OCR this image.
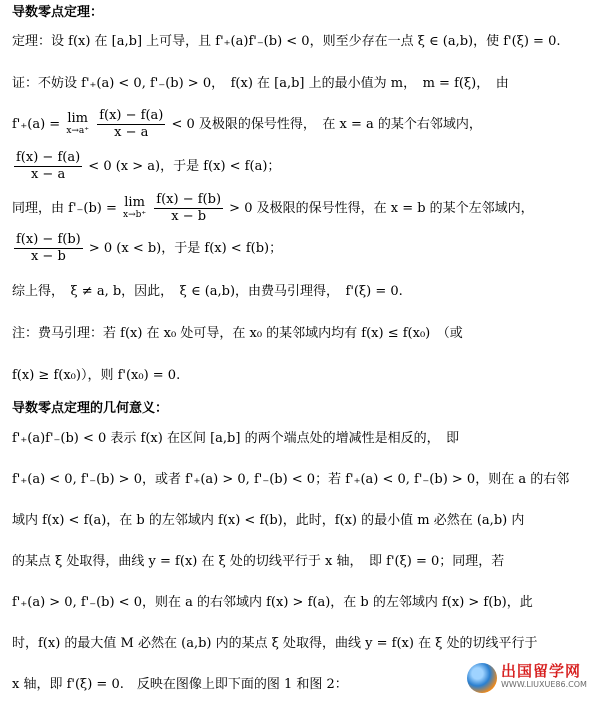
导数零点定理：
定理：设 f(x) 在 [a,b] 上可导，且 f'₊(a)f'₋(b) < 0，则至少存在一点 ξ ∈ (a,b)，使 f'(ξ) = 0.
证：不妨设 f'₊(a) < 0, f'₋(b) > 0，　f(x) 在 [a,b] 上的最小值为 m，　m = f(ξ)，　由
f'₊(a) = lim
x→a⁺
$\frac{f(x) - f(a)}{x - a} < 0$ 及极限的保号性得，　在 x = a 的某个右邻域内，
$\frac{f(x) - f(a)}{x - a} < 0$ (x > a)，于是 f(x) < f(a)；
同理，由 f'₋(b) = lim
x→b⁺
$\frac{f(x) - f(b)}{x - b} > 0$ 及极限的保号性得，在 x = b 的某个左邻域内，
$\frac{f(x) - f(b)}{x - b} > 0$ (x < b)，于是 f(x) < f(b)；
综上得，　ξ ≠ a, b，因此，　ξ ∈ (a,b)，由费马引理得，　f'(ξ) = 0.
注：费马引理：若 f(x) 在 x₀ 处可导，在 x₀ 的某邻域内均有 f(x) ≤ f(x₀)　（或
f(x) ≥ f(x₀)），则 f'(x₀) = 0.
导数零点定理的几何意义：
f'₊(a)f'₋(b) < 0 表示 f(x) 在区间 [a,b] 的两个端点处的增减性是相反的，　即
f'₊(a) < 0, f'₋(b) > 0，或者 f'₊(a) > 0, f'₋(b) < 0；若 f'₊(a) < 0, f'₋(b) > 0，则在 a 的右邻
域内 f(x) < f(a)，在 b 的左邻域内 f(x) < f(b)，此时，f(x) 的最小值 m 必然在 (a,b) 内
的某点 ξ 处取得，曲线 y = f(x) 在 ξ 处的切线平行于 x 轴，　即 f'(ξ) = 0；同理，若
f'₊(a) > 0, f'₋(b) < 0，则在 a 的右邻域内 f(x) > f(a)，在 b 的左邻域内 f(x) > f(b)，此
时，f(x) 的最大值 M 必然在 (a,b) 内的某点 ξ 处取得，曲线 y = f(x) 在 ξ 处的切线平行于
x 轴，即 f'(ξ) = 0.　反映在图像上即下面的图 1 和图 2：
出国留学网
WWW.LIUXUE86.COM
